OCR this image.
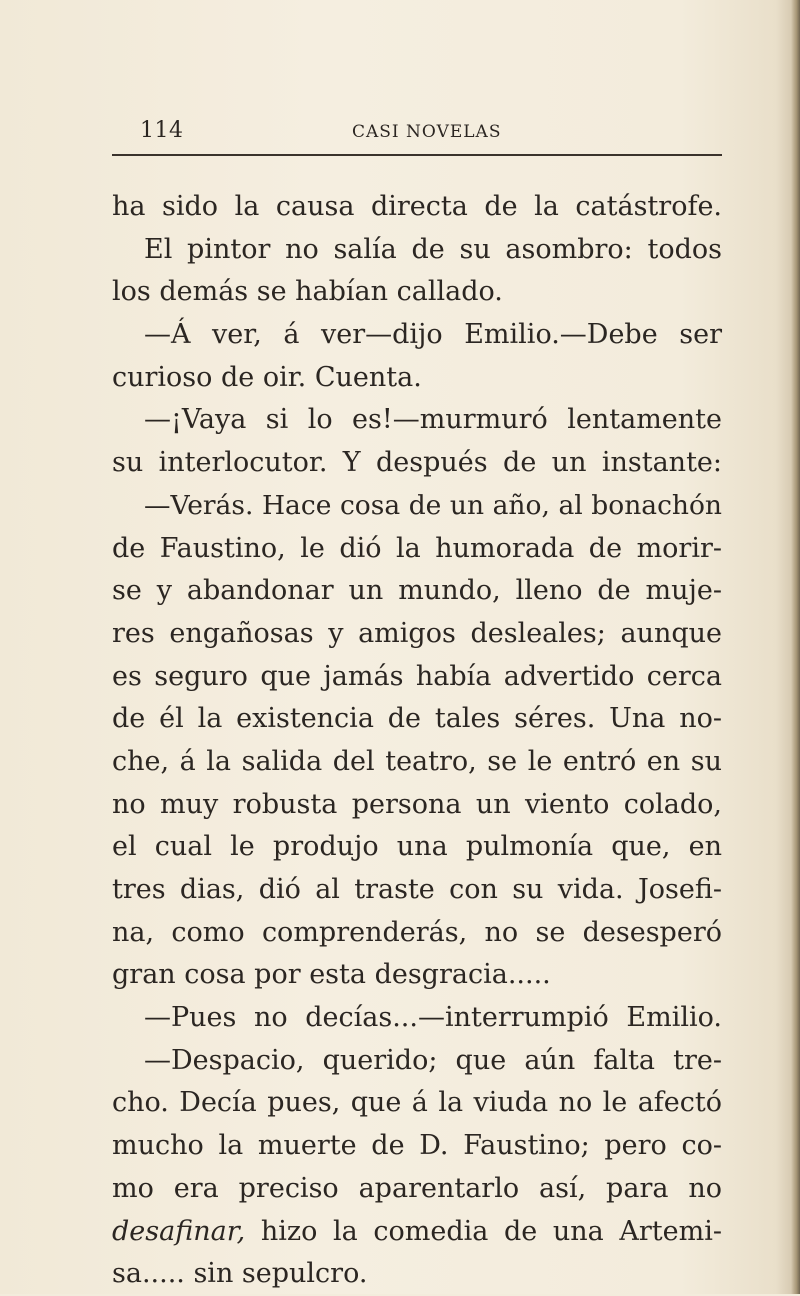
114	CASI NOVELAS
ha sido la causa directa de la catástrofe.
El pintor no salía de su asombro: todos
los demás se habían callado.
—Á ver, á ver—dijo Emilio.—Debe ser
curioso de oir. Cuenta.
—¡Vaya si lo es!—murmuró lentamente
su interlocutor. Y después de un instante:
—Verás. Hace cosa de un año, al bonachón
de Faustino, le dió la humorada de morir-
se y abandonar un mundo, lleno de muje-
res engañosas y amigos desleales; aunque
es seguro que jamás había advertido cerca
de él la existencia de tales séres. Una no-
che, á la salida del teatro, se le entró en su
no muy robusta persona un viento colado,
el cual le produjo una pulmonía que, en
tres dias, dió al traste con su vida. Josefi-
na, como comprenderás, no se desesperó
gran cosa por esta desgracia.....
—Pues no decías...—interrumpió Emilio.
—Despacio, querido; que aún falta tre-
cho. Decía pues, que á la viuda no le afectó
mucho la muerte de D. Faustino; pero co-
mo era preciso aparentarlo así, para no
desafinar, hizo la comedia de una Artemi-
sa..... sin sepulcro.
